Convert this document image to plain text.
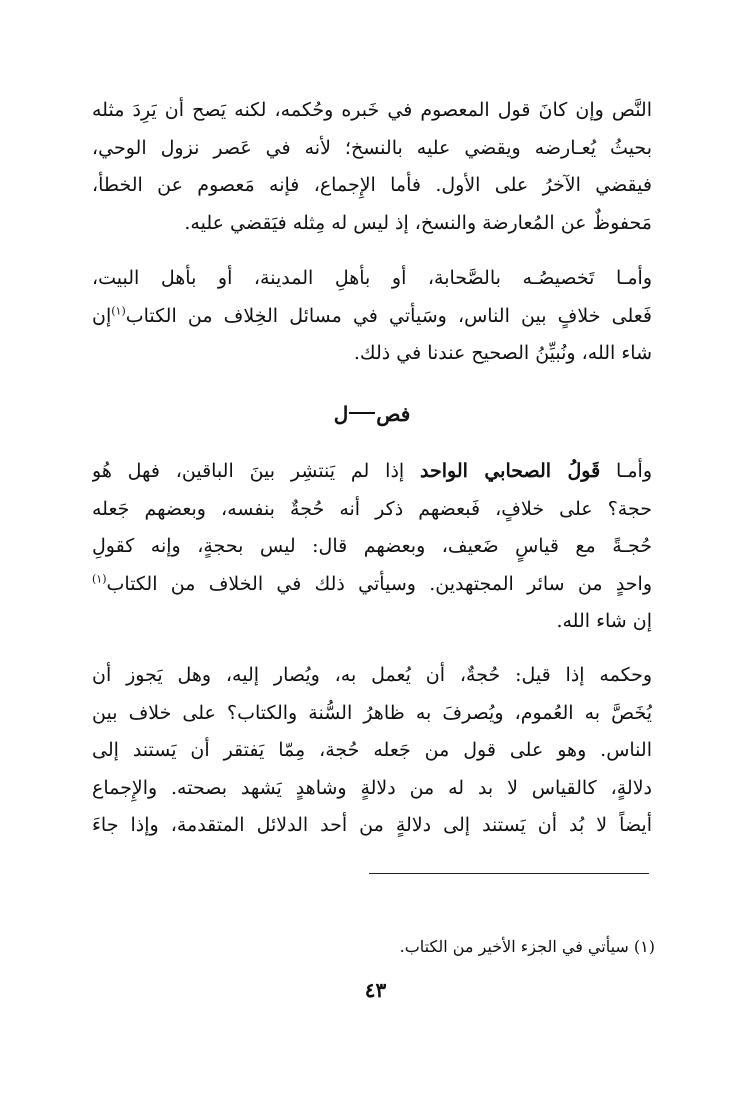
النَّص وإن كانَ قول المعصوم في خَبره وحُكمه، لكنه يَصح أن يَرِدَ مثله
بحيثُ يُعـارضه ويقضي عليه بالنسخ؛ لأنه في عَصر نزول الوحي،
فيقضي الآخرُ على الأول. فأما الإِجماع، فإنه مَعصوم عن الخطأ،
مَحفوظٌ عن المُعارضة والنسخ، إذ ليس له مِثله فيَقضي عليه.
وأمـا تَخصيصُـه بالصَّحابة، أو بأهلِ المدينة، أو بأهل البيت،
فَعلى خلافٍ بين الناس، وسَيأتي في مسائل الخِلاف من الكتاب$^{(١)}$إن
شاء الله، ونُبيِّنُ الصحيح عندنا في ذلك.
فصل
وأمـا قَولُ الصحابي الواحد إذا لم يَنتشِر بينَ الباقين، فهل هُو
حجة؟ على خلافٍ، فَبعضهم ذكر أنه حُجةٌ بنفسه، وبعضهم جَعله
حُجـةً مع قياسٍ ضَعيف، وبعضهم قال: ليس بحجةٍ، وإنه كقولِ
واحدٍ من سائر المجتهدين. وسيأتي ذلك في الخلاف من الكتاب$^{(١)}$
إن شاء الله.
وحكمه إذا قيل: حُجةٌ، أن يُعمل به، ويُصار إليه، وهل يَجوز أن
يُخَصَّ به العُموم، ويُصرفَ به ظاهرُ السُّنة والكتاب؟ على خلاف بين
الناس. وهو على قول من جَعله حُجة، مِمّا يَفتقر أن يَستند إلى
دلالةٍ، كالقياس لا بد له من دلالةٍ وشاهدٍ يَشهد بصحته. والإِجماع
أيضاً لا بُد أن يَستند إلى دلالةٍ من أحد الدلائل المتقدمة، وإذا جاءَ
(١) سيأتي في الجزء الأخير من الكتاب.
٤٣
